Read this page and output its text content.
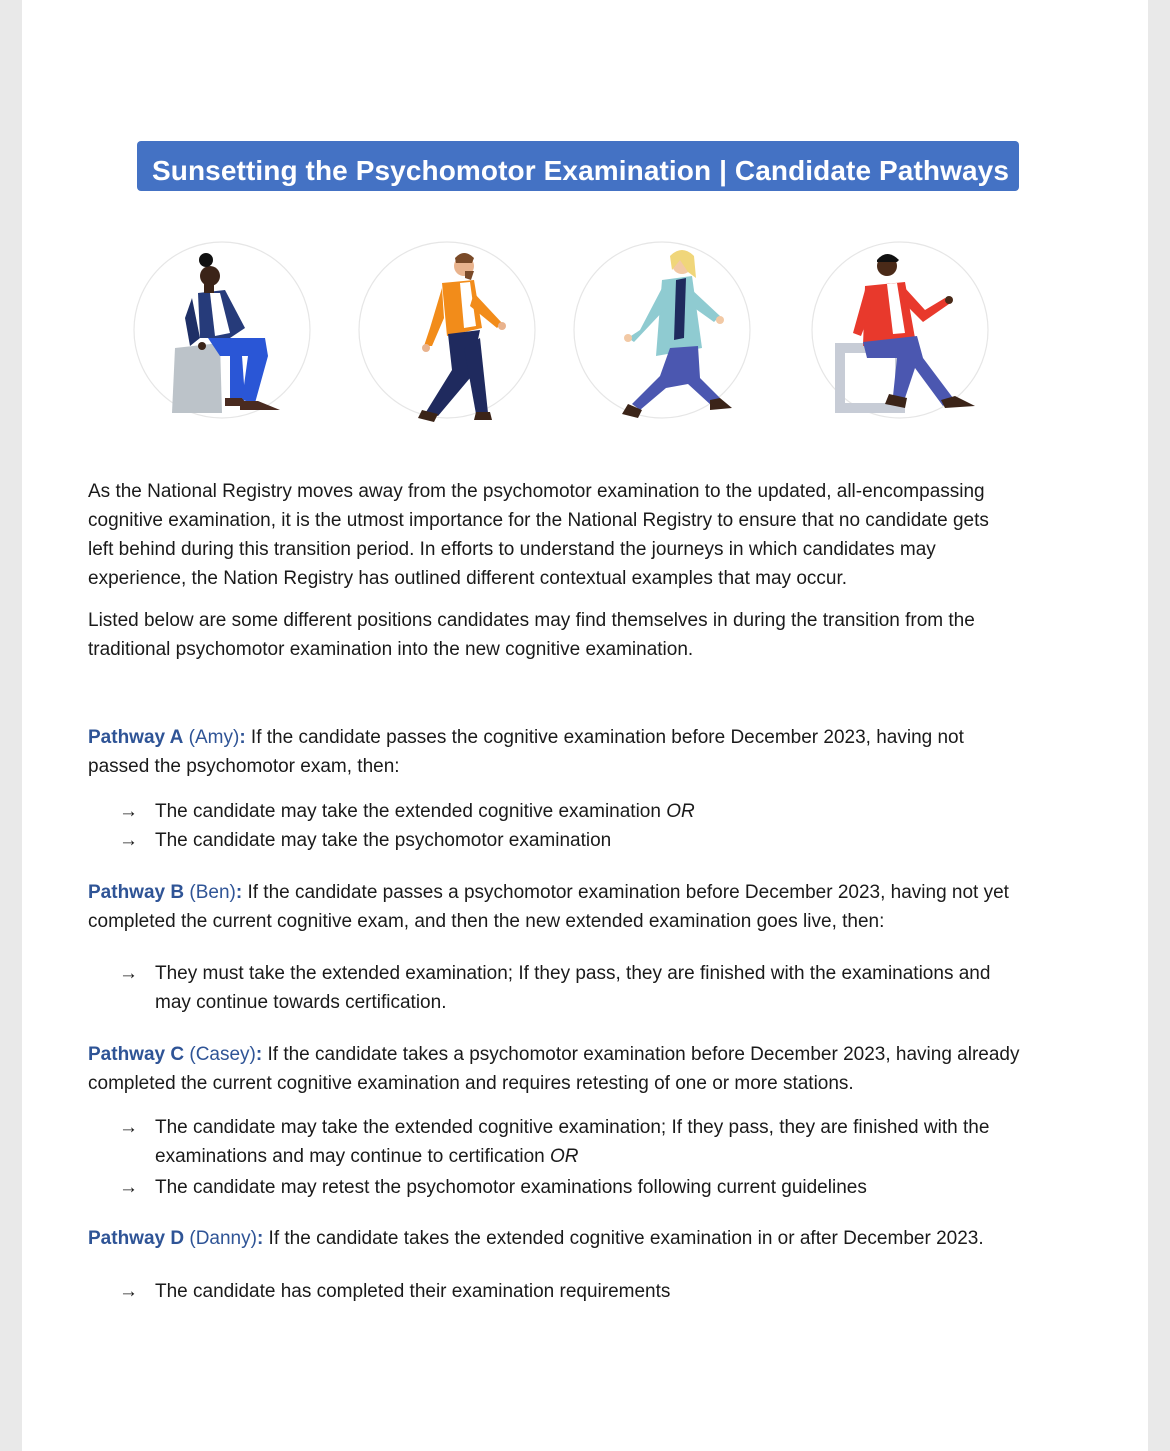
Sunsetting the Psychomotor Examination | Candidate Pathways

As the National Registry moves away from the psychomotor examination to the updated, all-encompassing

cognitive examination, it is the utmost importance for the National Registry to ensure that no candidate gets

left behind during this transition period. In efforts to understand the journeys in which candidates may

experience, the Nation Registry has outlined different contextual examples that may occur.

Listed below are some different positions candidates may find themselves in during the transition from the

traditional psychomotor examination into the new cognitive examination.

Pathway A (Amy): If the candidate passes the cognitive examination before December 2023, having not

passed the psychomotor exam, then:

→ The candidate may take the extended cognitive examination OR
→ The candidate may take the psychomotor examination

Pathway B (Ben): If the candidate passes a psychomotor examination before December 2023, having not yet

completed the current cognitive exam, and then the new extended examination goes live, then:

→ They must take the extended examination; If they pass, they are finished with the examinations and
may continue towards certification.

Pathway C (Casey): If the candidate takes a psychomotor examination before December 2023, having already

completed the current cognitive examination and requires retesting of one or more stations.

→ The candidate may take the extended cognitive examination; If they pass, they are finished with the
examinations and may continue to certification OR
→ The candidate may retest the psychomotor examinations following current guidelines

Pathway D (Danny): If the candidate takes the extended cognitive examination in or after December 2023.

→ The candidate has completed their examination requirements
